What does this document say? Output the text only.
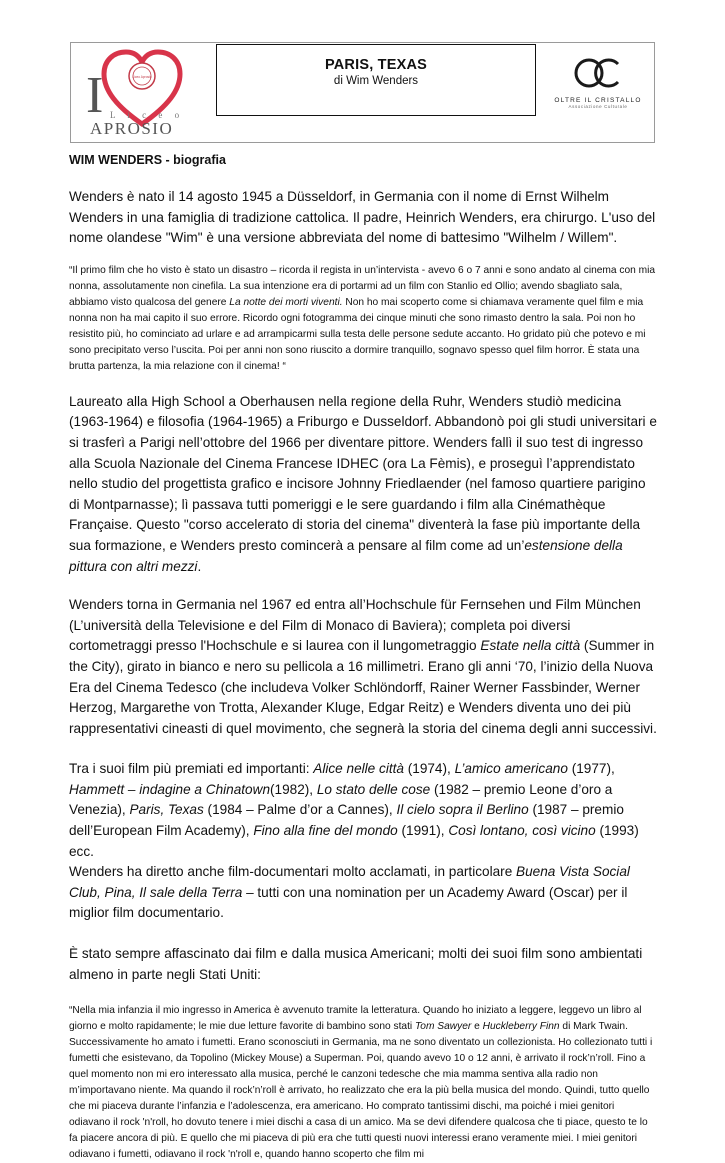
Liceo Aprosio
I L i c e o
APROSIO
PARIS, TEXAS
di Wim Wenders
OLTRE IL CRISTALLO
Associazione Culturale
WIM WENDERS - biografia

Wenders è nato il 14 agosto 1945 a Düsseldorf, in Germania con il nome di Ernst Wilhelm Wenders in una famiglia di tradizione cattolica. Il padre, Heinrich Wenders, era chirurgo. L'uso del nome olandese "Wim" è una versione abbreviata del nome di battesimo "Wilhelm / Willem".

“Il primo film che ho visto è stato un disastro – ricorda il regista in un’intervista - avevo 6 o 7 anni e sono andato al cinema con mia nonna, assolutamente non cinefila. La sua intenzione era di portarmi ad un film con Stanlio ed Ollio; avendo sbagliato sala, abbiamo visto qualcosa del genere La notte dei morti viventi. Non ho mai scoperto come si chiamava veramente quel film e mia nonna non ha mai capito il suo errore. Ricordo ogni fotogramma dei cinque minuti che sono rimasto dentro la sala. Poi non ho resistito più, ho cominciato ad urlare e ad arrampicarmi sulla testa delle persone sedute accanto. Ho gridato più che potevo e mi sono precipitato verso l’uscita. Poi per anni non sono riuscito a dormire tranquillo, sognavo spesso quel film horror. È stata una brutta partenza, la mia relazione con il cinema! “

Laureato alla High School a Oberhausen nella regione della Ruhr, Wenders studiò medicina (1963-1964) e filosofia (1964-1965) a Friburgo e Dusseldorf. Abbandonò poi gli studi universitari e si trasferì a Parigi nell’ottobre del 1966 per diventare pittore. Wenders fallì il suo test di ingresso alla Scuola Nazionale del Cinema Francese IDHEC (ora La Fèmis), e proseguì l’apprendistato nello studio del progettista grafico e incisore Johnny Friedlaender (nel famoso quartiere parigino di Montparnasse); lì passava tutti pomeriggi e le sere guardando i film alla Cinémathèque Française. Questo "corso accelerato di storia del cinema" diventerà la fase più importante della sua formazione, e Wenders presto comincerà a pensare al film come ad un’estensione della pittura con altri mezzi.

Wenders torna in Germania nel 1967 ed entra all’Hochschule für Fernsehen und Film München (L’università della Televisione e del Film di Monaco di Baviera); completa poi diversi cortometraggi presso l'Hochschule e si laurea con il lungometraggio Estate nella città (Summer in the City), girato in bianco e nero su pellicola a 16 millimetri. Erano gli anni ‘70, l’inizio della Nuova Era del Cinema Tedesco (che includeva Volker Schlöndorff, Rainer Werner Fassbinder, Werner Herzog, Margarethe von Trotta, Alexander Kluge, Edgar Reitz) e Wenders diventa uno dei più rappresentativi cineasti di quel movimento, che segnerà la storia del cinema degli anni successivi.

Tra i suoi film più premiati ed importanti: Alice nelle città (1974), L’amico americano (1977), Hammett – indagine a Chinatown(1982), Lo stato delle cose (1982 – premio Leone d’oro a Venezia), Paris, Texas (1984 – Palme d’or a Cannes), Il cielo sopra il Berlino (1987 – premio dell’European Film Academy), Fino alla fine del mondo (1991), Così lontano, così vicino (1993) ecc.

Wenders ha diretto anche film-documentari molto acclamati, in particolare Buena Vista Social Club, Pina, Il sale della Terra – tutti con una nomination per un Academy Award (Oscar) per il miglior film documentario.

È stato sempre affascinato dai film e dalla musica Americani; molti dei suoi film sono ambientati almeno in parte negli Stati Uniti:

“Nella mia infanzia il mio ingresso in America è avvenuto tramite la letteratura. Quando ho iniziato a leggere, leggevo un libro al giorno e molto rapidamente; le mie due letture favorite di bambino sono stati Tom Sawyer e Huckleberry Finn di Mark Twain. Successivamente ho amato i fumetti. Erano sconosciuti in Germania, ma ne sono diventato un collezionista. Ho collezionato tutti i fumetti che esistevano, da Topolino (Mickey Mouse) a Superman. Poi, quando avevo 10 o 12 anni, è arrivato il rock’n’roll. Fino a quel momento non mi ero interessato alla musica, perché le canzoni tedesche che mia mamma sentiva alla radio non m’importavano niente. Ma quando il rock’n’roll è arrivato, ho realizzato che era la più bella musica del mondo. Quindi, tutto quello che mi piaceva durante l’infanzia e l’adolescenza, era americano. Ho comprato tantissimi dischi, ma poiché i miei genitori odiavano il rock 'n'roll, ho dovuto tenere i miei dischi a casa di un amico. Ma se devi difendere qualcosa che ti piace, questo te lo fa piacere ancora di più. E quello che mi piaceva di più era che tutti questi nuovi interessi erano veramente miei. I miei genitori odiavano i fumetti, odiavano il rock 'n'roll e, quando hanno scoperto che film mi
